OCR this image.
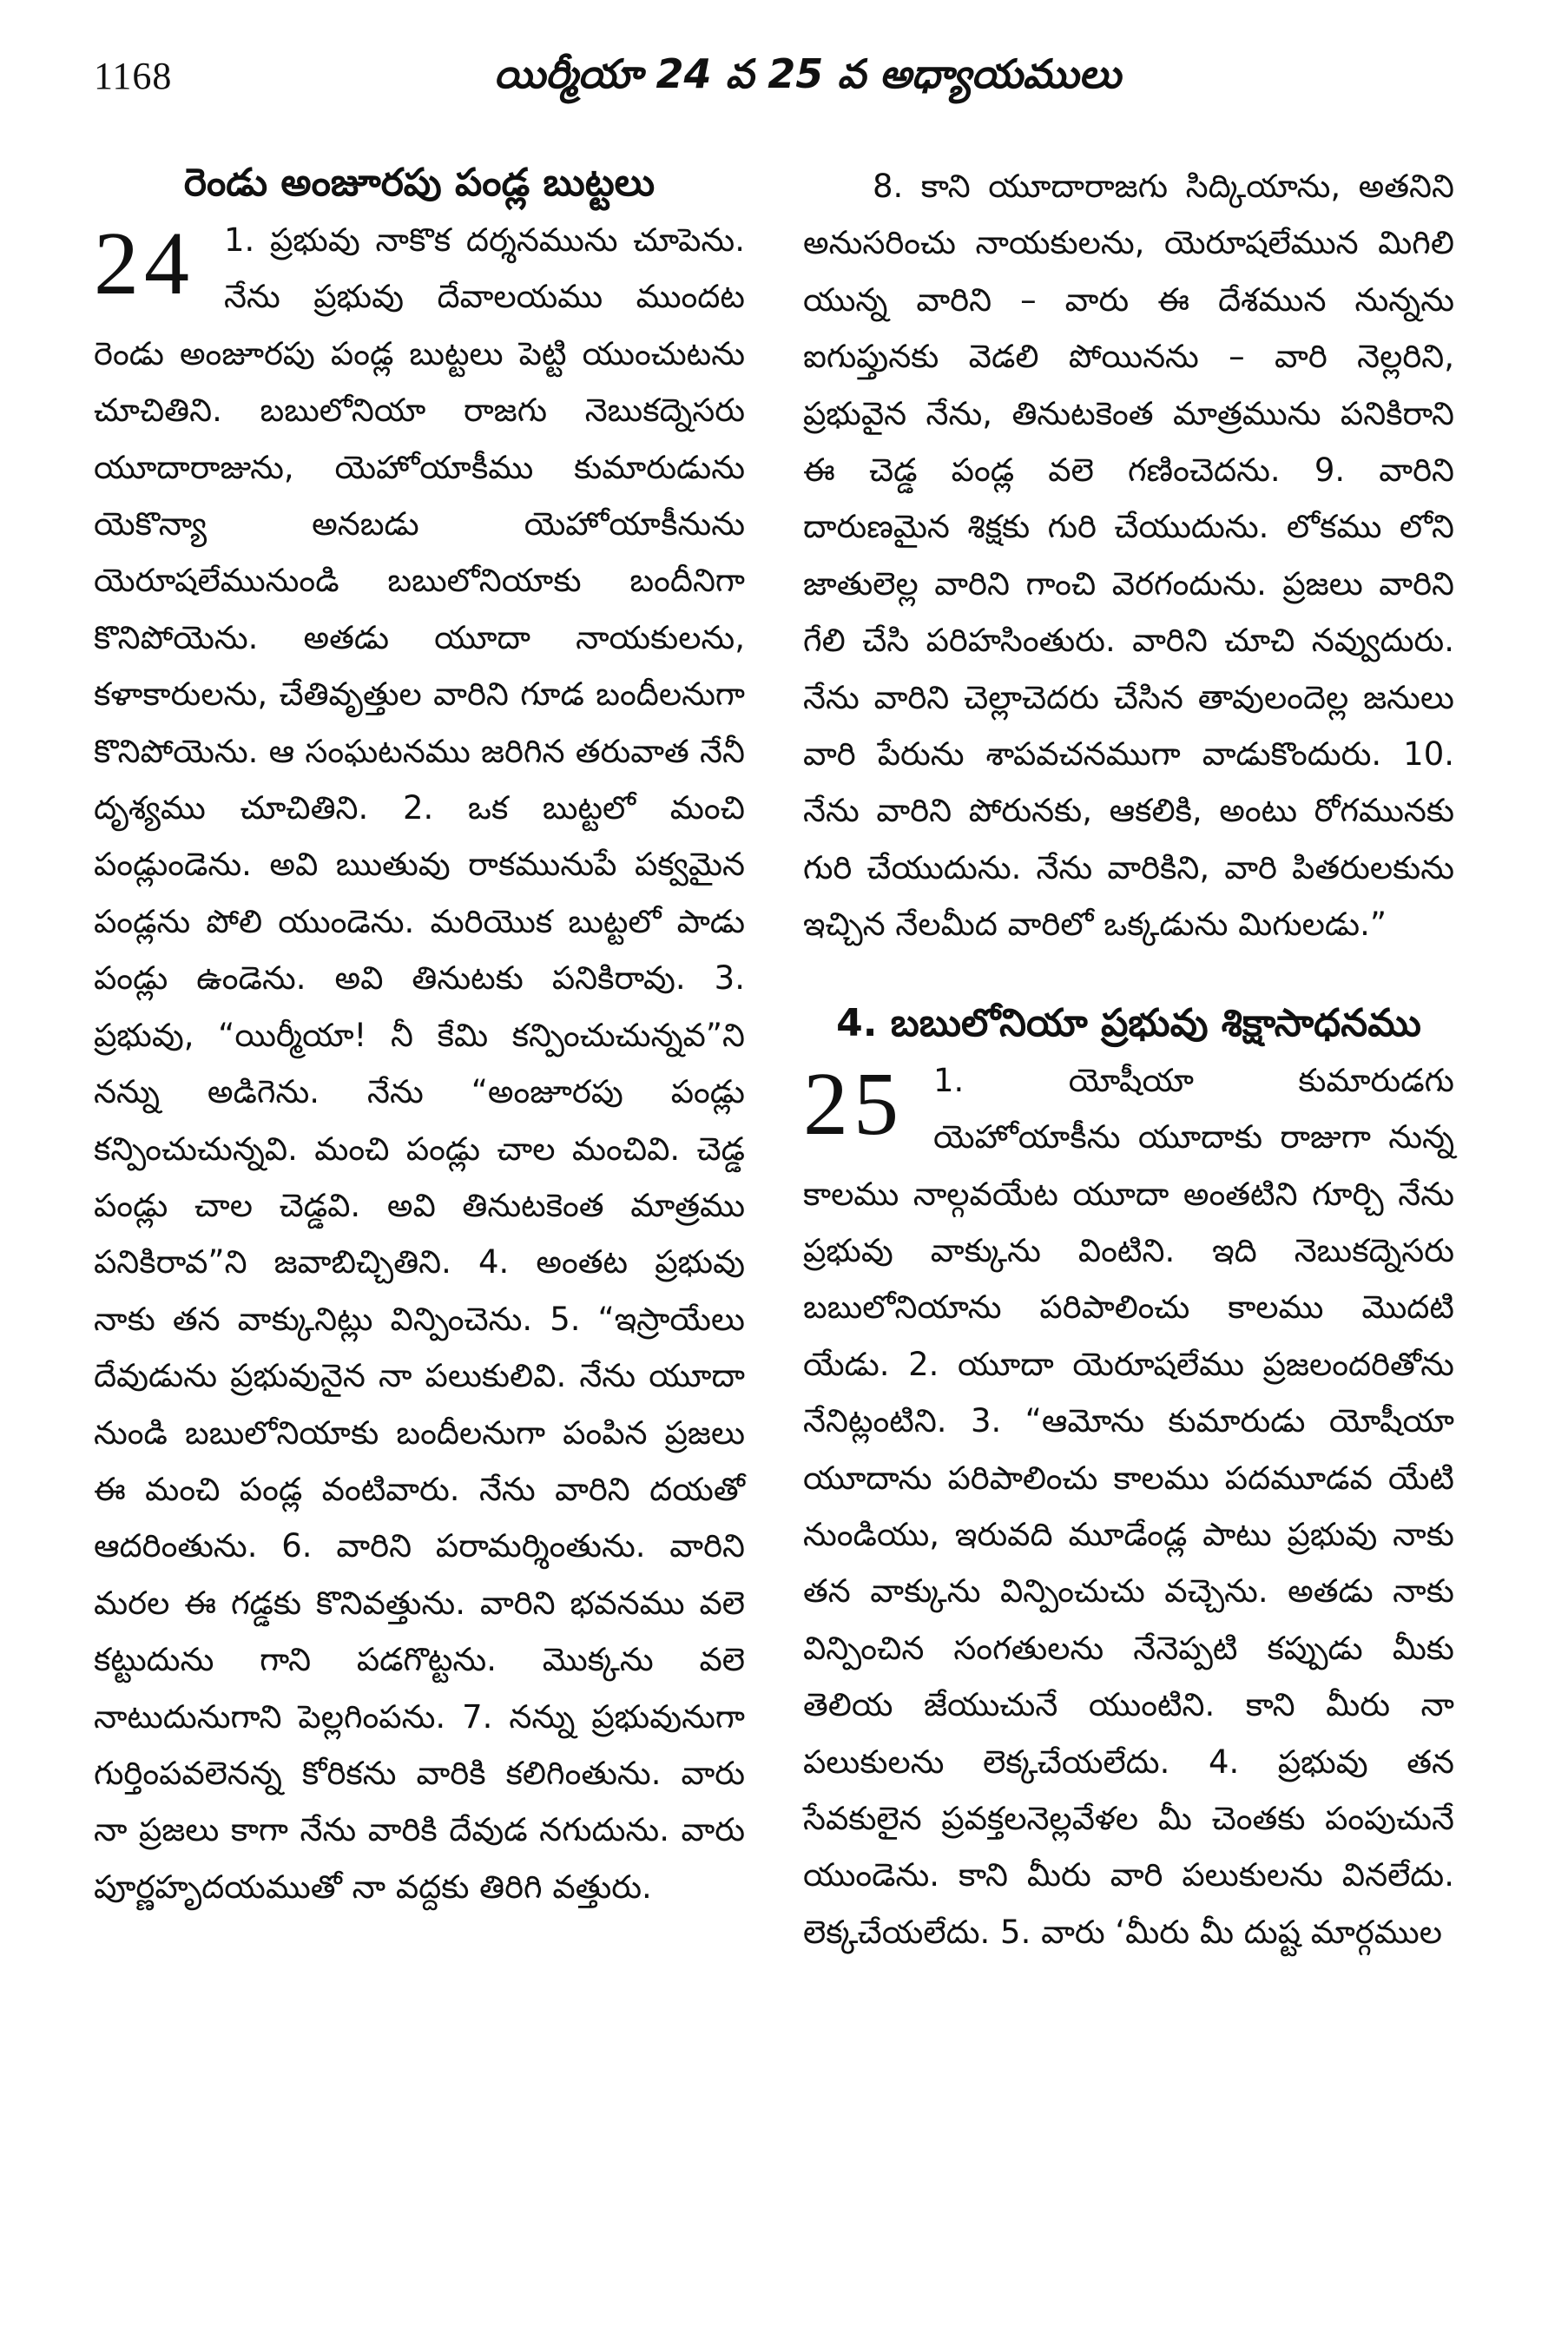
1168	యిర్మీయా 24 వ 25 వ అధ్యాయములు
రెండు అంజూరపు పండ్ల బుట్టలు

24 1. ప్రభువు నాకొక దర్శనమును చూపెను. నేను ప్రభువు దేవాలయము ముందట రెండు అంజూరపు పండ్ల బుట్టలు పెట్టి యుంచుటను చూచితిని. బబులోనియా రాజగు నెబుకద్నెసరు యూదారాజును, యెహోయాకీము కుమారుడును యెకొన్యా అనబడు యెహోయాకీనును యెరూషలేమునుండి బబులోనియాకు బందీనిగా కొనిపోయెను. అతడు యూదా నాయకులను, కళాకారులను, చేతివృత్తుల వారిని గూడ బందీలనుగా కొనిపోయెను. ఆ సంఘటనము జరిగిన తరువాత నేనీ దృశ్యము చూచితిని. 2. ఒక బుట్టలో మంచి పండ్లుండెను. అవి ఋతువు రాకమునుపే పక్వమైన పండ్లను పోలి యుండెను. మరియొక బుట్టలో పాడు పండ్లు ఉండెను. అవి తినుటకు పనికిరావు. 3. ప్రభువు, “యిర్మీయా! నీ కేమి కన్పించుచున్నవ”ని నన్ను అడిగెను. నేను “అంజూరపు పండ్లు కన్పించుచున్నవి. మంచి పండ్లు చాల మంచివి. చెడ్డ పండ్లు చాల చెడ్డవి. అవి తినుటకెంత మాత్రము పనికిరావ”ని జవాబిచ్చితిని. 4. అంతట ప్రభువు నాకు తన వాక్కునిట్లు విన్పించెను. 5. “ఇస్రాయేలు దేవుడును ప్రభువునైన నా పలుకులివి. నేను యూదా నుండి బబులోనియాకు బందీలనుగా పంపిన ప్రజలు ఈ మంచి పండ్ల వంటివారు. నేను వారిని దయతో ఆదరింతును. 6. వారిని పరామర్శింతును. వారిని మరల ఈ గడ్డకు కొనివత్తును. వారిని భవనము వలె కట్టుదును గాని పడగొట్టను. మొక్కను వలె నాటుదునుగాని పెల్లగింపను. 7. నన్ను ప్రభువునుగా గుర్తింపవలెనన్న కోరికను వారికి కలిగింతును. వారు నా ప్రజలు కాగా నేను వారికి దేవుడ నగుదును. వారు పూర్ణహృదయముతో నా వద్దకు తిరిగి వత్తురు.

8. కాని యూదారాజగు సిద్కియాను, అతనిని అనుసరించు నాయకులను, యెరూషలేమున మిగిలి యున్న వారిని – వారు ఈ దేశమున నున్నను ఐగుప్తునకు వెడలి పోయినను – వారి నెల్లరిని, ప్రభువైన నేను, తినుటకెంత మాత్రమును పనికిరాని ఈ చెడ్డ పండ్ల వలె గణించెదను. 9. వారిని దారుణమైన శిక్షకు గురి చేయుదును. లోకము లోని జాతులెల్ల వారిని గాంచి వెరగందును. ప్రజలు వారిని గేలి చేసి పరిహసింతురు. వారిని చూచి నవ్వుదురు. నేను వారిని చెల్లాచెదరు చేసిన తావులందెల్ల జనులు వారి పేరును శాపవచనముగా వాడుకొందురు. 10. నేను వారిని పోరునకు, ఆకలికి, అంటు రోగమునకు గురి చేయుదును. నేను వారికిని, వారి పితరులకును ఇచ్చిన నేలమీద వారిలో ఒక్కడును మిగులడు.”

4. బబులోనియా ప్రభువు శిక్షాసాధనము

25 1. యోషీయా కుమారుడగు యెహోయాకీను యూదాకు రాజుగా నున్న కాలము నాల్గవయేట యూదా అంతటిని గూర్చి నేను ప్రభువు వాక్కును వింటిని. ఇది నెబుకద్నెసరు బబులోనియాను పరిపాలించు కాలము మొదటి యేడు. 2. యూదా యెరూషలేము ప్రజలందరితోను నేనిట్లంటిని. 3. “ఆమోను కుమారుడు యోషీయా యూదాను పరిపాలించు కాలము పదమూడవ యేటి నుండియు, ఇరువది మూడేండ్ల పాటు ప్రభువు నాకు తన వాక్కును విన్పించుచు వచ్చెను. అతడు నాకు విన్పించిన సంగతులను నేనెప్పటి కప్పుడు మీకు తెలియ జేయుచునే యుంటిని. కాని మీరు నా పలుకులను లెక్కచేయలేదు. 4. ప్రభువు తన సేవకులైన ప్రవక్తలనెల్లవేళల మీ చెంతకు పంపుచునే యుండెను. కాని మీరు వారి పలుకులను వినలేదు. లెక్కచేయలేదు. 5. వారు ‘మీరు మీ దుష్ట మార్గముల
